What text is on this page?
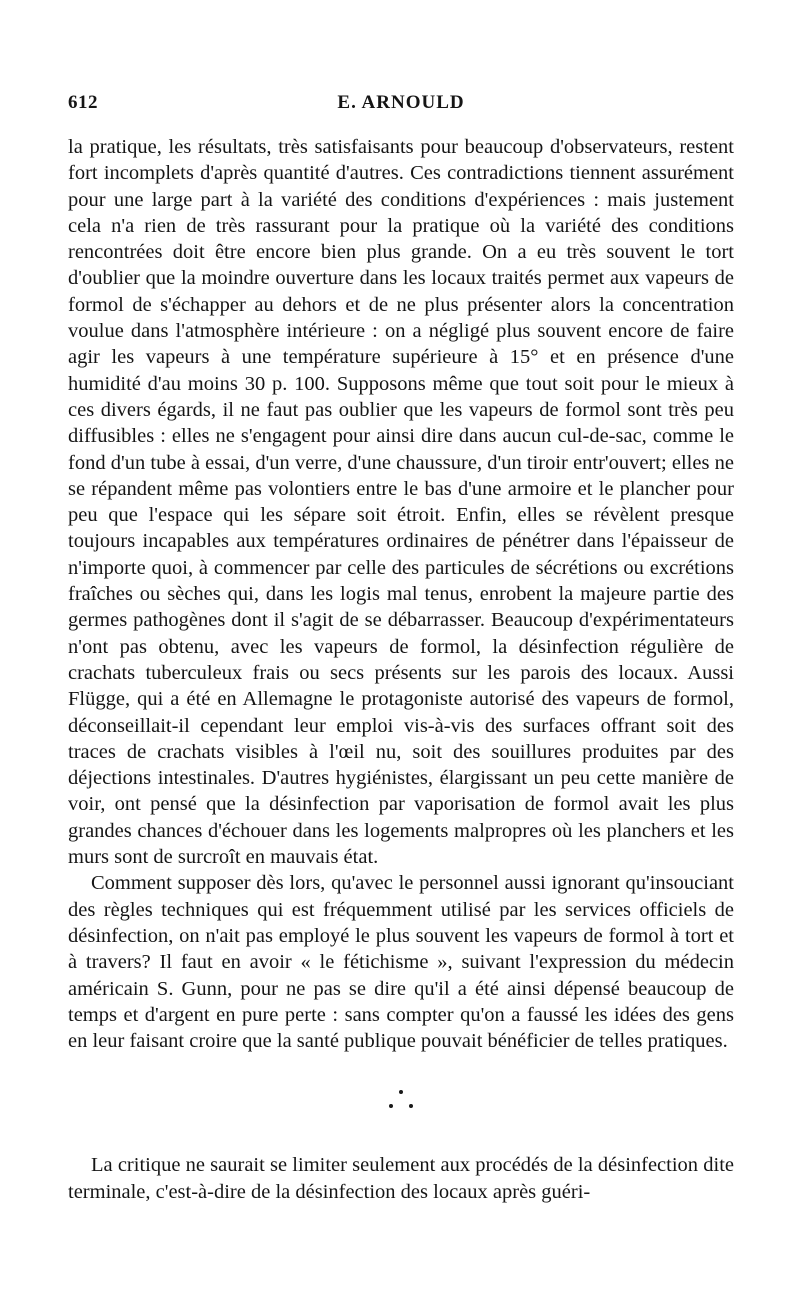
612	E. ARNOULD

la pratique, les résultats, très satisfaisants pour beaucoup d'observateurs, restent fort incomplets d'après quantité d'autres. Ces contradictions tiennent assurément pour une large part à la variété des conditions d'expériences : mais justement cela n'a rien de très rassurant pour la pratique où la variété des conditions rencontrées doit être encore bien plus grande. On a eu très souvent le tort d'oublier que la moindre ouverture dans les locaux traités permet aux vapeurs de formol de s'échapper au dehors et de ne plus présenter alors la concentration voulue dans l'atmosphère intérieure : on a négligé plus souvent encore de faire agir les vapeurs à une température supérieure à 15° et en présence d'une humidité d'au moins 30 p. 100. Supposons même que tout soit pour le mieux à ces divers égards, il ne faut pas oublier que les vapeurs de formol sont très peu diffusibles : elles ne s'engagent pour ainsi dire dans aucun cul-de-sac, comme le fond d'un tube à essai, d'un verre, d'une chaussure, d'un tiroir entr'ouvert; elles ne se répandent même pas volontiers entre le bas d'une armoire et le plancher pour peu que l'espace qui les sépare soit étroit. Enfin, elles se révèlent presque toujours incapables aux températures ordinaires de pénétrer dans l'épaisseur de n'importe quoi, à commencer par celle des particules de sécrétions ou excrétions fraîches ou sèches qui, dans les logis mal tenus, enrobent la majeure partie des germes pathogènes dont il s'agit de se débarrasser. Beaucoup d'expérimentateurs n'ont pas obtenu, avec les vapeurs de formol, la désinfection régulière de crachats tuberculeux frais ou secs présents sur les parois des locaux. Aussi Flügge, qui a été en Allemagne le protagoniste autorisé des vapeurs de formol, déconseillait-il cependant leur emploi vis-à-vis des surfaces offrant soit des traces de crachats visibles à l'œil nu, soit des souillures produites par des déjections intestinales. D'autres hygiénistes, élargissant un peu cette manière de voir, ont pensé que la désinfection par vaporisation de formol avait les plus grandes chances d'échouer dans les logements malpropres où les planchers et les murs sont de surcroît en mauvais état.

Comment supposer dès lors, qu'avec le personnel aussi ignorant qu'insouciant des règles techniques qui est fréquemment utilisé par les services officiels de désinfection, on n'ait pas employé le plus souvent les vapeurs de formol à tort et à travers? Il faut en avoir « le fétichisme », suivant l'expression du médecin américain S. Gunn, pour ne pas se dire qu'il a été ainsi dépensé beaucoup de temps et d'argent en pure perte : sans compter qu'on a faussé les idées des gens en leur faisant croire que la santé publique pouvait bénéficier de telles pratiques.

La critique ne saurait se limiter seulement aux procédés de la désinfection dite terminale, c'est-à-dire de la désinfection des locaux après guéri-
